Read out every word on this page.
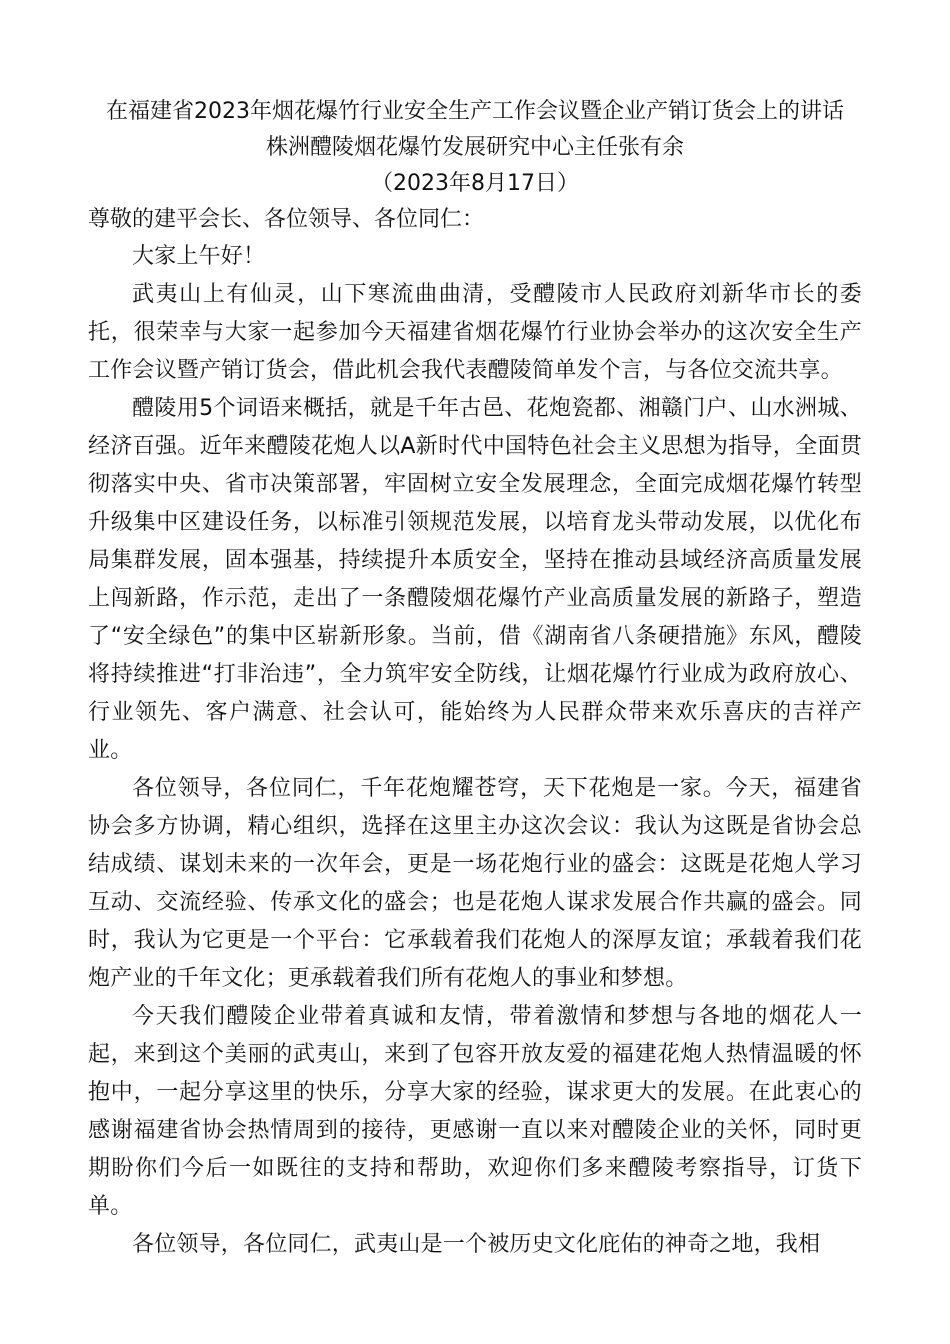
在福建省2023年烟花爆竹行业安全生产工作会议暨企业产销订货会上的讲话
株洲醴陵烟花爆竹发展研究中心主任张有余
（2023年8月17日）
尊敬的建平会长、各位领导、各位同仁：

大家上午好！

武夷山上有仙灵，山下寒流曲曲清，受醴陵市人民政府刘新华市长的委托，很荣幸与大家一起参加今天福建省烟花爆竹行业协会举办的这次安全生产工作会议暨产销订货会，借此机会我代表醴陵简单发个言，与各位交流共享。

醴陵用5个词语来概括，就是千年古邑、花炮瓷都、湘赣门户、山水洲城、经济百强。近年来醴陵花炮人以A新时代中国特色社会主义思想为指导，全面贯彻落实中央、省市决策部署，牢固树立安全发展理念，全面完成烟花爆竹转型升级集中区建设任务，以标准引领规范发展，以培育龙头带动发展，以优化布局集群发展，固本强基，持续提升本质安全，坚持在推动县域经济高质量发展上闯新路，作示范，走出了一条醴陵烟花爆竹产业高质量发展的新路子，塑造了“安全绿色”的集中区崭新形象。当前，借《湖南省八条硬措施》东风，醴陵将持续推进“打非治违”，全力筑牢安全防线，让烟花爆竹行业成为政府放心、行业领先、客户满意、社会认可，能始终为人民群众带来欢乐喜庆的吉祥产业。

各位领导，各位同仁，千年花炮耀苍穹，天下花炮是一家。今天，福建省协会多方协调，精心组织，选择在这里主办这次会议：我认为这既是省协会总结成绩、谋划未来的一次年会，更是一场花炮行业的盛会：这既是花炮人学习互动、交流经验、传承文化的盛会；也是花炮人谋求发展合作共赢的盛会。同时，我认为它更是一个平台：它承载着我们花炮人的深厚友谊；承载着我们花炮产业的千年文化；更承载着我们所有花炮人的事业和梦想。

今天我们醴陵企业带着真诚和友情，带着激情和梦想与各地的烟花人一起，来到这个美丽的武夷山，来到了包容开放友爱的福建花炮人热情温暖的怀抱中，一起分享这里的快乐，分享大家的经验，谋求更大的发展。在此衷心的感谢福建省协会热情周到的接待，更感谢一直以来对醴陵企业的关怀，同时更期盼你们今后一如既往的支持和帮助，欢迎你们多来醴陵考察指导，订货下单。

各位领导，各位同仁，武夷山是一个被历史文化庇佑的神奇之地，我相
